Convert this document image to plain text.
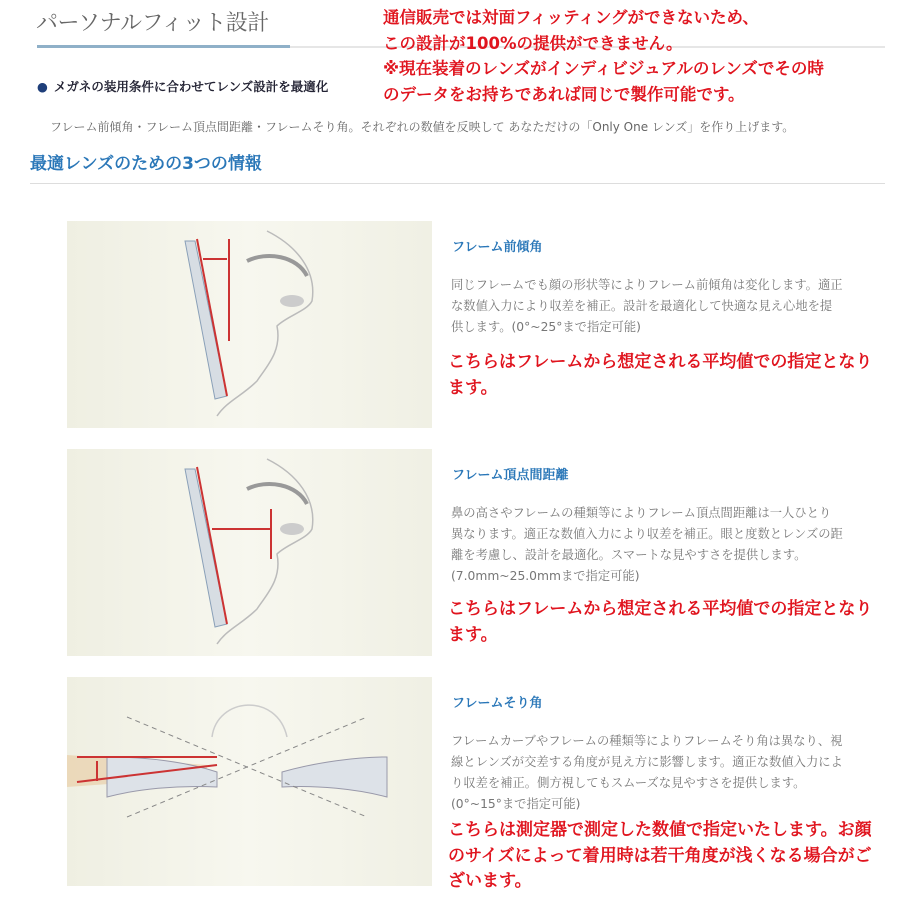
パーソナルフィット設計	通信販売では対面フィッティングができないため、
この設計が100%の提供ができません。
※現在装着のレンズがインディビジュアルのレンズでその時
のデータをお持ちであれば同じで製作可能です。
● メガネの装用条件に合わせてレンズ設計を最適化
フレーム前傾角・フレーム頂点間距離・フレームそり角。それぞれの数値を反映して あなただけの「Only One レンズ」を作り上げます。
最適レンズのための3つの情報
フレーム前傾角
同じフレームでも顔の形状等によりフレーム前傾角は変化します。適正な数値入力により収差を補正。設計を最適化して快適な見え心地を提供します。(0°~25°まで指定可能)
こちらはフレームから想定される平均値での指定となります。
フレーム頂点間距離
鼻の高さやフレームの種類等によりフレーム頂点間距離は一人ひとり異なります。適正な数値入力により収差を補正。眼と度数とレンズの距離を考慮し、設計を最適化。スマートな見やすさを提供します。(7.0mm~25.0mmまで指定可能)
こちらはフレームから想定される平均値での指定となります。
フレームそり角
フレームカーブやフレームの種類等によりフレームそり角は異なり、視線とレンズが交差する角度が見え方に影響します。適正な数値入力により収差を補正。側方視してもスムーズな見やすさを提供します。(0°~15°まで指定可能)
こちらは測定器で測定した数値で指定いたします。お顔のサイズによって着用時は若干角度が浅くなる場合がございます。
